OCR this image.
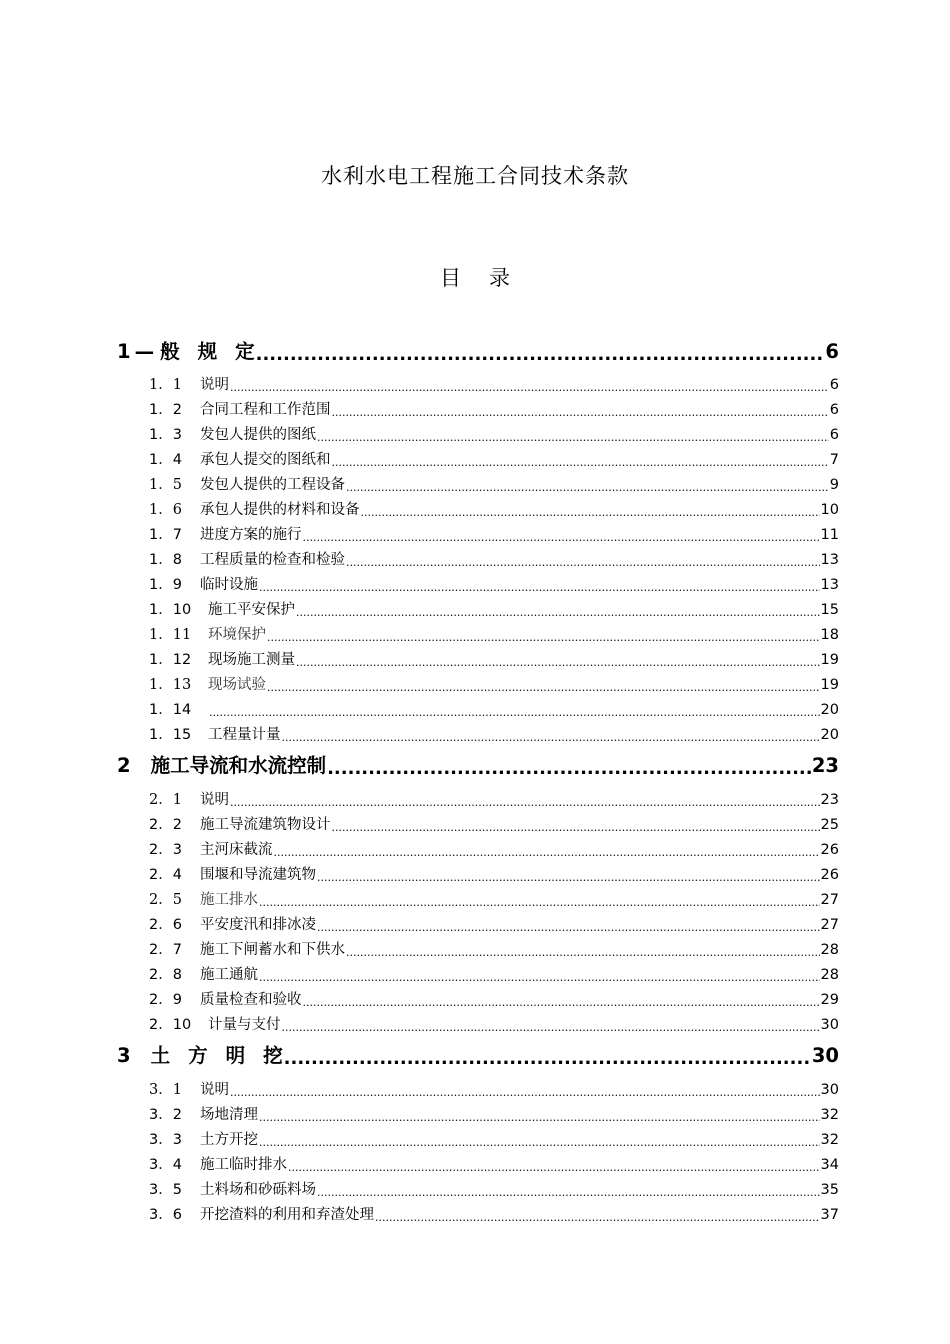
水利水电工程施工合同技术条款
目 录
1 — 般 规 定 .....	6
1．1	说明 .....	6
1．2	合同工程和工作范围 .....	6
1．3	发包人提供的图纸 .....	6
1．4	承包人提交的图纸和 .....	7
1．5	发包人提供的工程设备 .....	9
1．6	承包人提供的材料和设备 .....	10
1．7	进度方案的施行 .....	11
1．8	工程质量的检查和检验 .....	13
1．9	临时设施 .....	13
1．10	施工平安保护 .....	15
1．11	环境保护 .....	18
1．12	现场施工测量 .....	19
1．13	现场试验 .....	19
1．14 .....	20
1．15	工程量计量 .....	20
2 施工导流和水流控制 .....	23
2．1	说明 .....	23
2．2	施工导流建筑物设计 .....	25
2．3	主河床截流 .....	26
2．4	围堰和导流建筑物 .....	26
2．5	施工排水 .....	27
2．6	平安度汛和排冰凌 .....	27
2．7	施工下闸蓄水和下供水 .....	28
2．8	施工通航 .....	28
2．9	质量检查和验收 .....	29
2．10	计量与支付 .....	30
3 土 方 明 挖 .....	30
3．1	说明 .....	30
3．2	场地清理 .....	32
3．3	土方开挖 .....	32
3．4	施工临时排水 .....	34
3．5	土料场和砂砾料场 .....	35
3．6	开挖渣料的利用和弃渣处理 .....	37
